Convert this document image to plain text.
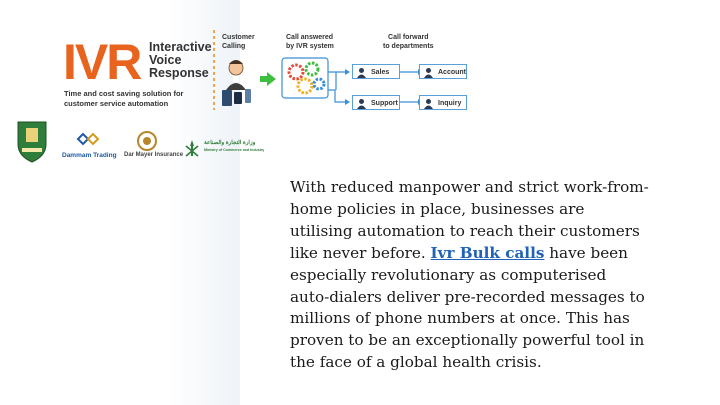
IVR Interactive
Voice
Response
Time and cost saving solution for customer service automation
Customer
Calling
Call answered
by IVR system
Call forward
to departments
Sales	Account
Support	Inquiry
Dammam Trading Dar Mayer Insurance
وزارة التجارة والصناعة
Ministry of Commerce and Industry
With reduced manpower and strict work-from-home policies in place, businesses are utilising automation to reach their customers like never before. Ivr Bulk calls have been especially revolutionary as computerised auto-dialers deliver pre-recorded messages to millions of phone numbers at once. This has proven to be an exceptionally powerful tool in the face of a global health crisis.
